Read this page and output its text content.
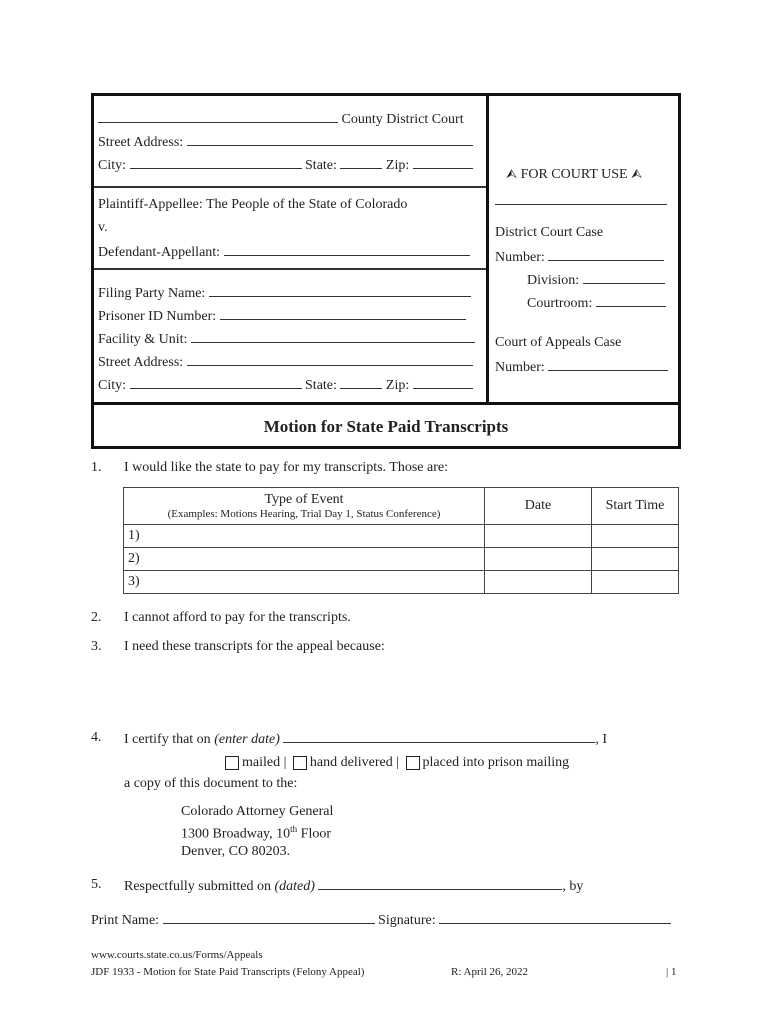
County District Court
Street Address:
City:	State:	Zip:
Plaintiff-Appellee: The People of the State of Colorado
v.
Defendant-Appellant:
Filing Party Name:
Prisoner ID Number:
Facility & Unit:
Street Address:
City:	State:	Zip:
⮙ FOR COURT USE ⮙
District Court Case
Number:
Division:
Courtroom:
Court of Appeals Case
Number:
Motion for State Paid Transcripts
1. I would like the state to pay for my transcripts. Those are:
Type of Event
(Examples: Motions Hearing, Trial Day 1, Status Conference)	Date	Start Time
1)		
2)		
3)		
2. I cannot afford to pay for the transcripts.
3. I need these transcripts for the appeal because:
4. I certify that on (enter date)	, I
mailed | hand delivered | placed into prison mailing
a copy of this document to the:
Colorado Attorney General
1300 Broadway, 10th Floor
Denver, CO 80203.
5. Respectfully submitted on (dated)	, by
Print Name:	Signature:
www.courts.state.co.us/Forms/Appeals
JDF 1933 - Motion for State Paid Transcripts (Felony Appeal)	R: April 26, 2022	| 1
